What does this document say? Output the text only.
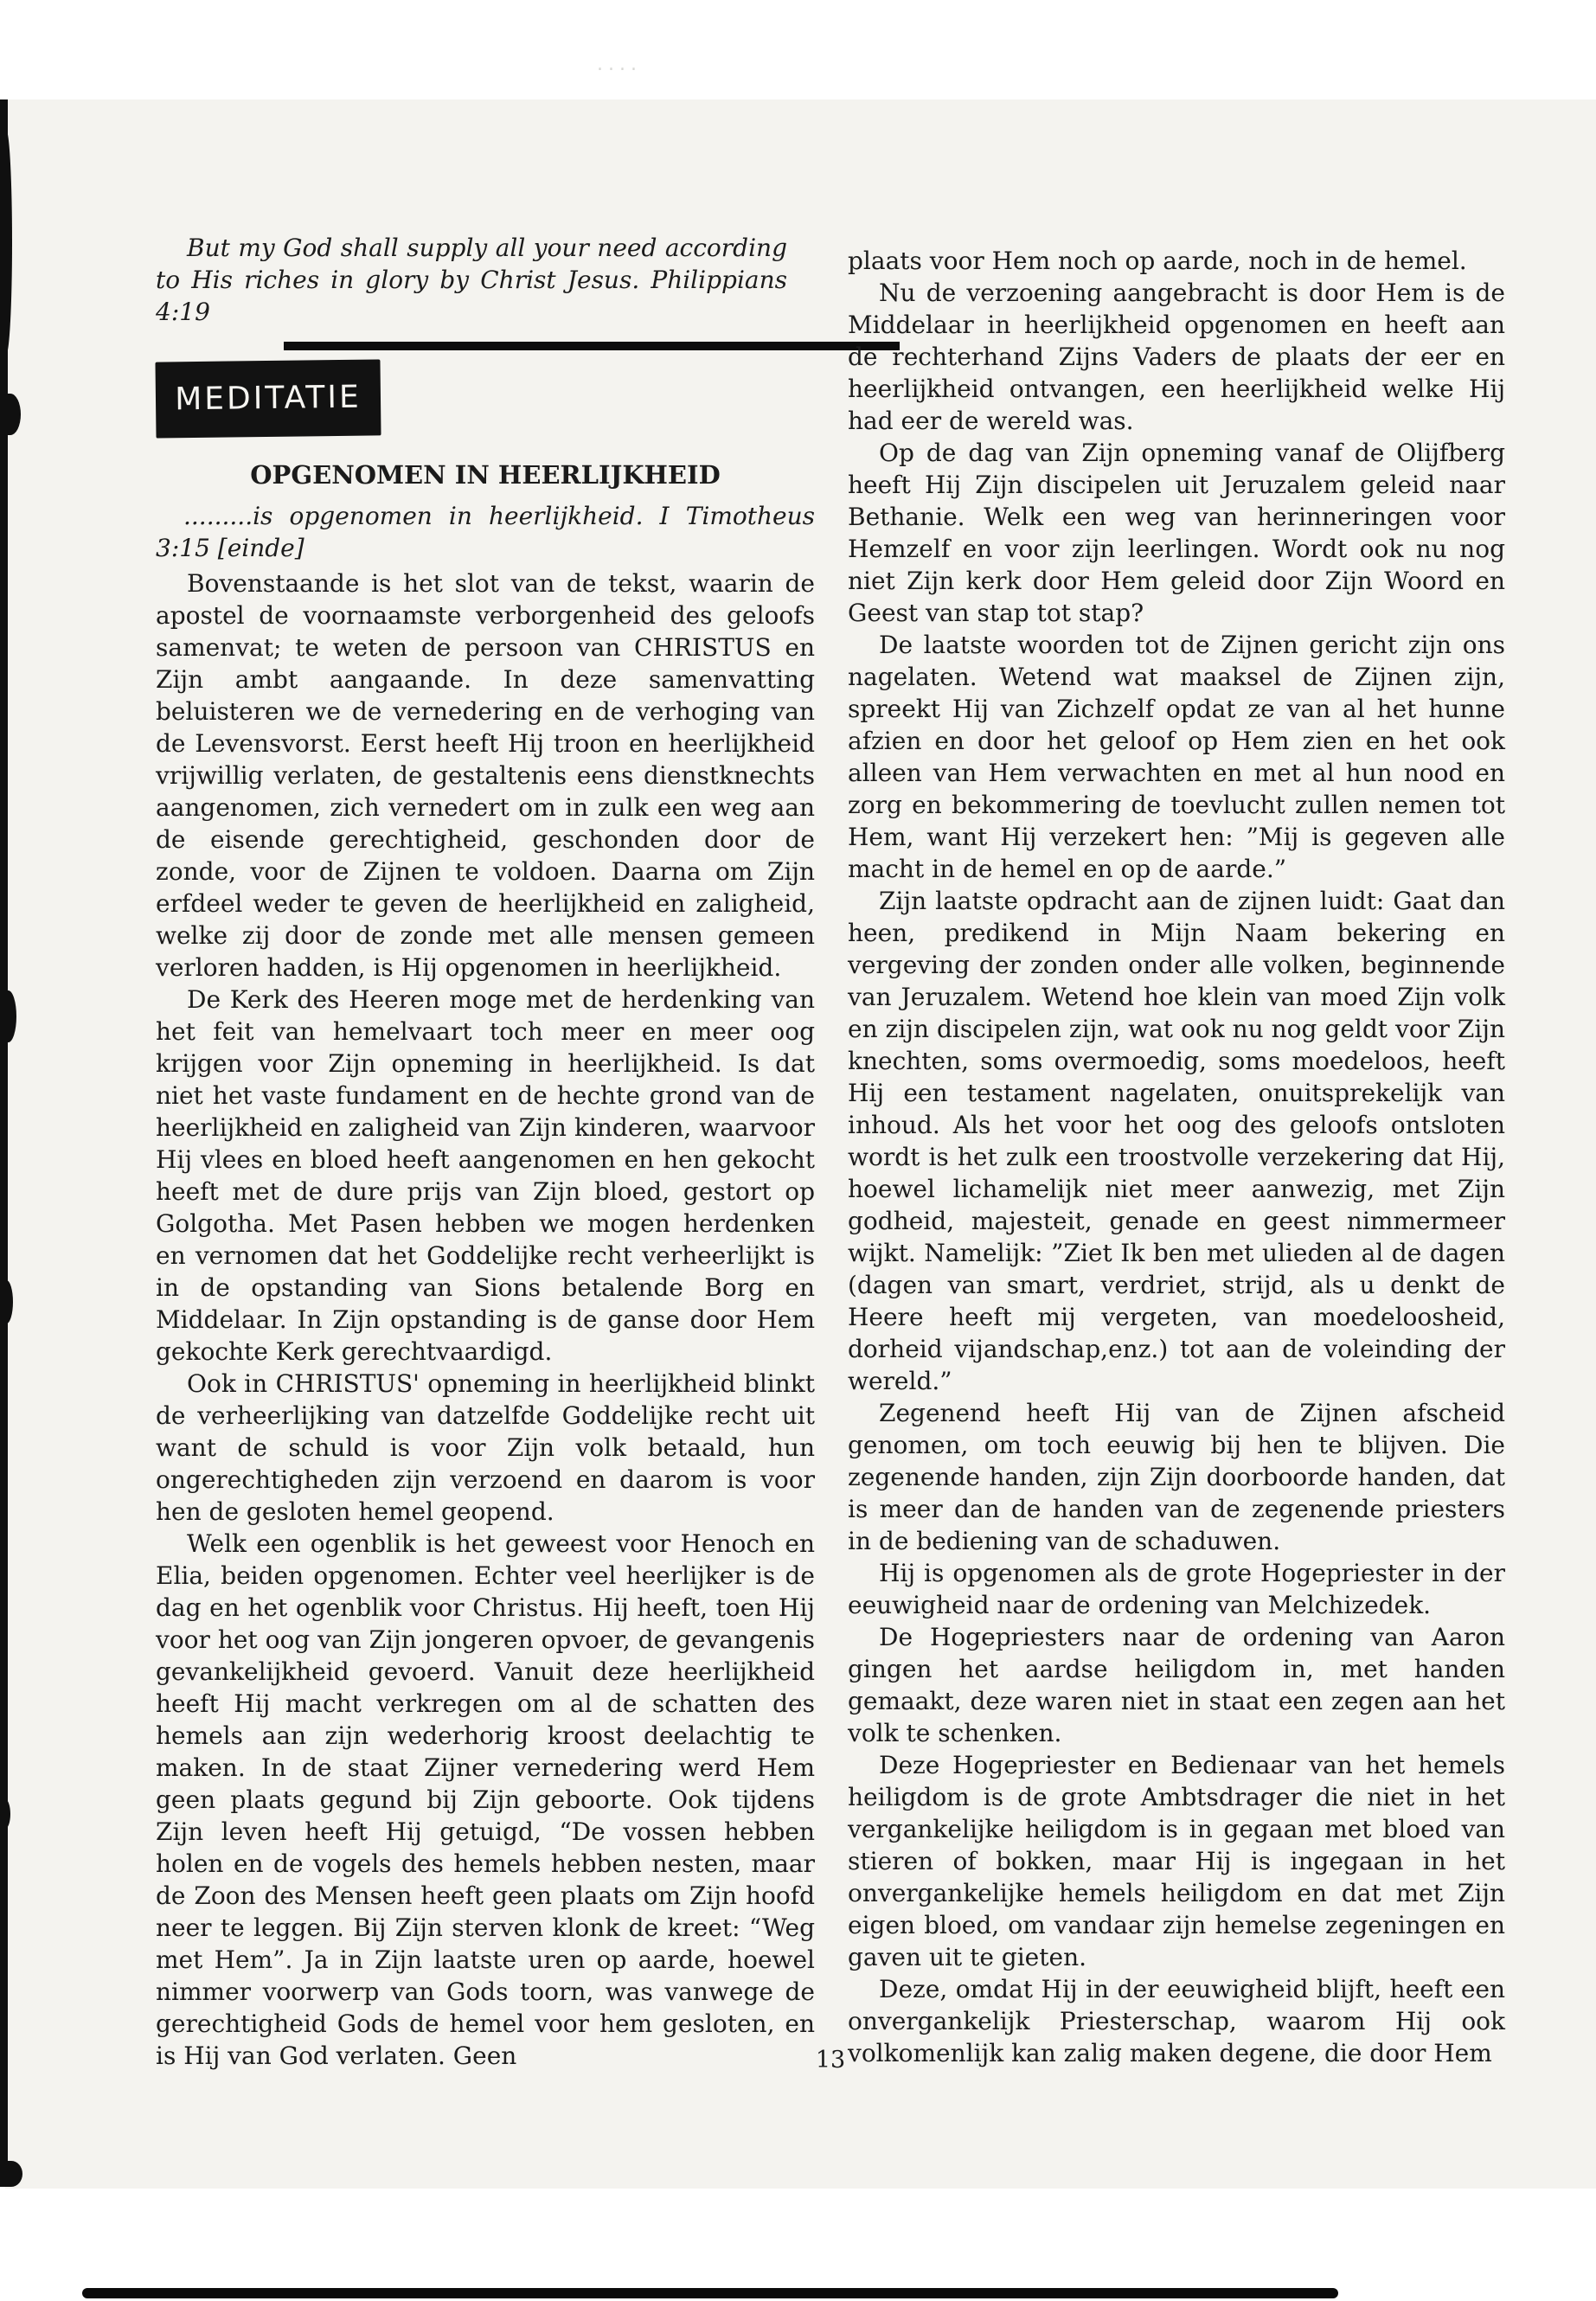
....

But my God shall supply all your need according to His riches in glory by Christ Jesus. Philippians 4:19

MEDITATIE
OPGENOMEN IN HEERLIJKHEID

.........is opgenomen in heerlijkheid. I Timotheus 3:15 [einde]

Bovenstaande is het slot van de tekst, waarin de apostel de voornaamste verborgenheid des geloofs samenvat; te weten de persoon van CHRISTUS en Zijn ambt aangaande. In deze samenvatting beluisteren we de vernedering en de verhoging van de Levensvorst. Eerst heeft Hij troon en heerlijkheid vrijwillig verlaten, de gestaltenis eens dienstknechts aangenomen, zich vernedert om in zulk een weg aan de eisende gerechtigheid, geschonden door de zonde, voor de Zijnen te voldoen. Daarna om Zijn erfdeel weder te geven de heerlijkheid en zaligheid, welke zij door de zonde met alle mensen gemeen verloren hadden, is Hij opgenomen in heerlijkheid.

De Kerk des Heeren moge met de herdenking van het feit van hemelvaart toch meer en meer oog krijgen voor Zijn opneming in heerlijkheid. Is dat niet het vaste fundament en de hechte grond van de heerlijkheid en zaligheid van Zijn kinderen, waarvoor Hij vlees en bloed heeft aangenomen en hen gekocht heeft met de dure prijs van Zijn bloed, gestort op Golgotha. Met Pasen hebben we mogen herdenken en vernomen dat het Goddelijke recht verheerlijkt is in de opstanding van Sions betalende Borg en Middelaar. In Zijn opstanding is de ganse door Hem gekochte Kerk gerechtvaardigd.

Ook in CHRISTUS' opneming in heerlijkheid blinkt de verheerlijking van datzelfde Goddelijke recht uit want de schuld is voor Zijn volk betaald, hun ongerechtigheden zijn verzoend en daarom is voor hen de gesloten hemel geopend.

Welk een ogenblik is het geweest voor Henoch en Elia, beiden opgenomen. Echter veel heerlijker is de dag en het ogenblik voor Christus. Hij heeft, toen Hij voor het oog van Zijn jongeren opvoer, de gevangenis gevankelijkheid gevoerd. Vanuit deze heerlijkheid heeft Hij macht verkregen om al de schatten des hemels aan zijn wederhorig kroost deelachtig te maken. In de staat Zijner vernedering werd Hem geen plaats gegund bij Zijn geboorte. Ook tijdens Zijn leven heeft Hij getuigd, “De vossen hebben holen en de vogels des hemels hebben nesten, maar de Zoon des Mensen heeft geen plaats om Zijn hoofd neer te leggen. Bij Zijn sterven klonk de kreet: “Weg met Hem”. Ja in Zijn laatste uren op aarde, hoewel nimmer voorwerp van Gods toorn, was vanwege de gerechtigheid Gods de hemel voor hem gesloten, en is Hij van God verlaten. Geen

plaats voor Hem noch op aarde, noch in de hemel.

Nu de verzoening aangebracht is door Hem is de Middelaar in heerlijkheid opgenomen en heeft aan de rechterhand Zijns Vaders de plaats der eer en heerlijkheid ontvangen, een heerlijkheid welke Hij had eer de wereld was.

Op de dag van Zijn opneming vanaf de Olijfberg heeft Hij Zijn discipelen uit Jeruzalem geleid naar Bethanie. Welk een weg van herinneringen voor Hemzelf en voor zijn leerlingen. Wordt ook nu nog niet Zijn kerk door Hem geleid door Zijn Woord en Geest van stap tot stap?

De laatste woorden tot de Zijnen gericht zijn ons nagelaten. Wetend wat maaksel de Zijnen zijn, spreekt Hij van Zichzelf opdat ze van al het hunne afzien en door het geloof op Hem zien en het ook alleen van Hem verwachten en met al hun nood en zorg en bekommering de toevlucht zullen nemen tot Hem, want Hij verzekert hen: ”Mij is gegeven alle macht in de hemel en op de aarde.”

Zijn laatste opdracht aan de zijnen luidt: Gaat dan heen, predikend in Mijn Naam bekering en vergeving der zonden onder alle volken, beginnende van Jeruzalem. Wetend hoe klein van moed Zijn volk en zijn discipelen zijn, wat ook nu nog geldt voor Zijn knechten, soms overmoedig, soms moedeloos, heeft Hij een testament nagelaten, onuitsprekelijk van inhoud. Als het voor het oog des geloofs ontsloten wordt is het zulk een troostvolle verzekering dat Hij, hoewel lichamelijk niet meer aanwezig, met Zijn godheid, majesteit, genade en geest nimmermeer wijkt. Namelijk: ”Ziet Ik ben met ulieden al de dagen (dagen van smart, verdriet, strijd, als u denkt de Heere heeft mij vergeten, van moedeloosheid, dorheid vijandschap,enz.) tot aan de voleinding der wereld.”

Zegenend heeft Hij van de Zijnen afscheid genomen, om toch eeuwig bij hen te blijven. Die zegenende handen, zijn Zijn doorboorde handen, dat is meer dan de handen van de zegenende priesters in de bediening van de schaduwen.

Hij is opgenomen als de grote Hogepriester in der eeuwigheid naar de ordening van Melchizedek.

De Hogepriesters naar de ordening van Aaron gingen het aardse heiligdom in, met handen gemaakt, deze waren niet in staat een zegen aan het volk te schenken.

Deze Hogepriester en Bedienaar van het hemels heiligdom is de grote Ambtsdrager die niet in het vergankelijke heiligdom is in gegaan met bloed van stieren of bokken, maar Hij is ingegaan in het onvergankelijke hemels heiligdom en dat met Zijn eigen bloed, om vandaar zijn hemelse zegeningen en gaven uit te gieten.

Deze, omdat Hij in der eeuwigheid blijft, heeft een onvergankelijk Priesterschap, waarom Hij ook volkomenlijk kan zalig maken degene, die door Hem

13
